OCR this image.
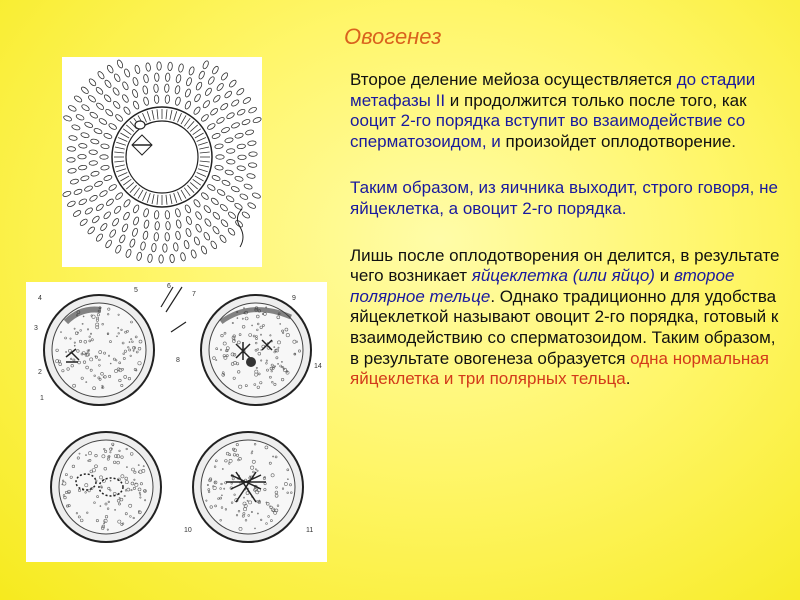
Овогенез
1
2
3
4
5
6
7
8
9
10	11
14

Второе деление мейоза осуществляется до стадии метафазы II и продолжится только после того, как ооцит 2-го порядка вступит во взаимодействие со сперматозоидом, и произойдет оплодотворение.

Таким образом, из яичника выходит, строго говоря, не яйцеклетка, а овоцит 2-го порядка.

Лишь после оплодотворения он делится, в результате чего возникает яйцеклетка (или яйцо) и второе полярное тельце. Однако традиционно для удобства яйцеклеткой называют овоцит 2-го порядка, готовый к взаимодействию со сперматозоидом. Таким образом, в результате овогенеза образуется одна нормальная яйцеклетка и три полярных тельца.
